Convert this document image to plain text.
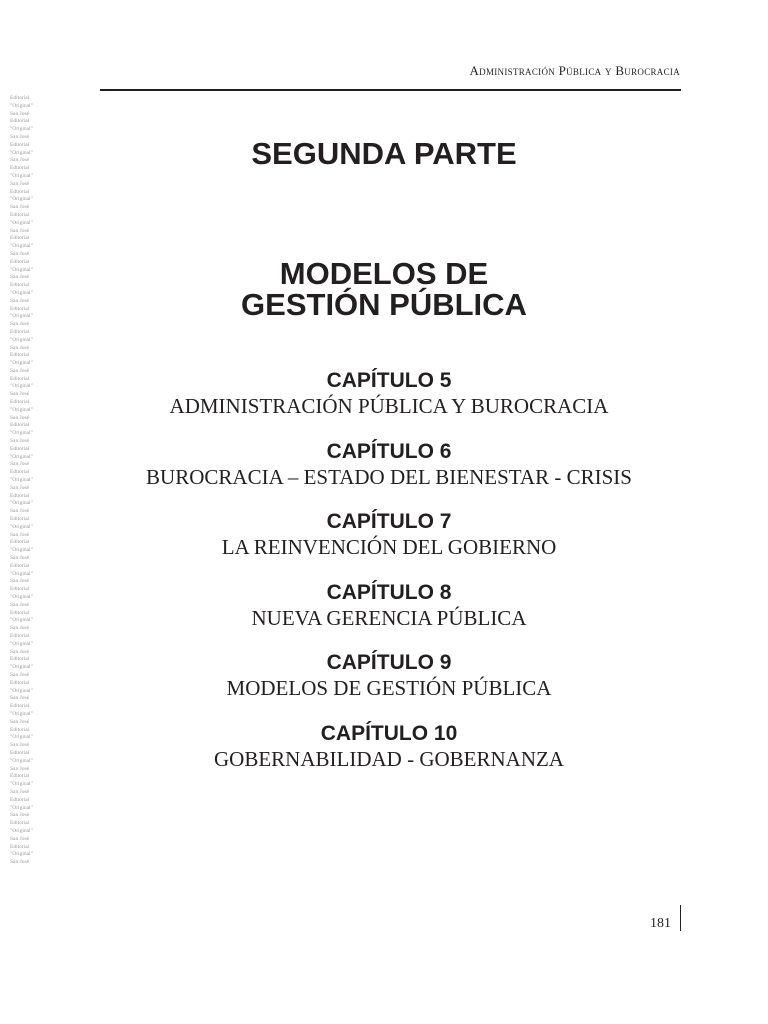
Administración Pública y Burocracia
Editorial
"Original"
San José
Editorial
"Original"
San José
Editorial
"Original"
San José
Editorial
"Original"
San José
Editorial
"Original"
San José
Editorial
"Original"
San José
Editorial
"Original"
San José
Editorial
"Original"
San José
Editorial
"Original"
San José
Editorial
"Original"
San José
Editorial
"Original"
San José
Editorial
"Original"
San José
Editorial
"Original"
San José
Editorial
"Original"
San José
Editorial
"Original"
San José
Editorial
"Original"
San José
Editorial
"Original"
San José
Editorial
"Original"
San José
Editorial
"Original"
San José
Editorial
"Original"
San José
Editorial
"Original"
San José
Editorial
"Original"
San José
Editorial
"Original"
San José
Editorial
"Original"
San José
Editorial
"Original"
San José
Editorial
"Original"
San José
Editorial
"Original"
San José
Editorial
"Original"
San José
Editorial
"Original"
San José
Editorial
"Original"
San José
Editorial
"Original"
San José
Editorial
"Original"
San José
Editorial
"Original"
San José
SEGUNDA PARTE
MODELOS DE
GESTIÓN PÚBLICA
CAPÍTULO 5
ADMINISTRACIÓN PÚBLICA Y BUROCRACIA
CAPÍTULO 6
BUROCRACIA – ESTADO DEL BIENESTAR - CRISIS
CAPÍTULO 7
LA REINVENCIÓN DEL GOBIERNO
CAPÍTULO 8
NUEVA GERENCIA PÚBLICA
CAPÍTULO 9
MODELOS DE GESTIÓN PÚBLICA
CAPÍTULO 10
GOBERNABILIDAD - GOBERNANZA
181
